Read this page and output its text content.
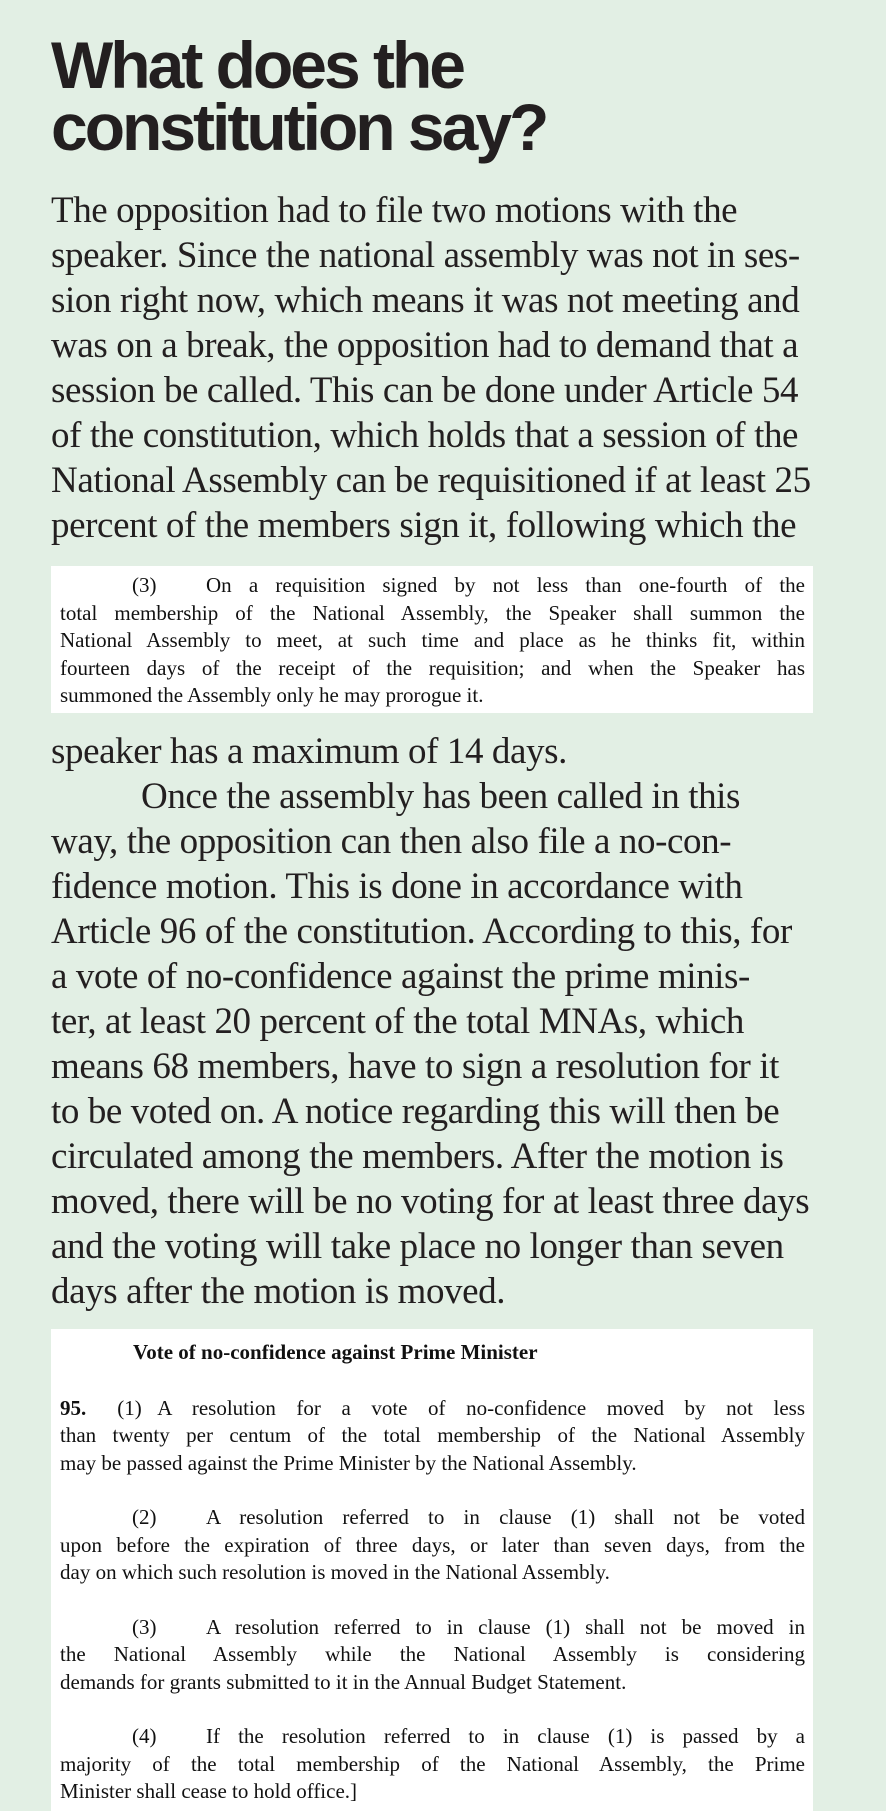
What does the
constitution say?
The opposition had to file two motions with the
speaker. Since the national assembly was not in ses-
sion right now, which means it was not meeting and
was on a break, the opposition had to demand that a
session be called. This can be done under Article 54
of the constitution, which holds that a session of the
National Assembly can be requisitioned if at least 25
percent of the members sign it, following which the
(3) On a requisition signed by not less than one-fourth of the
total membership of the National Assembly, the Speaker shall summon the
National Assembly to meet, at such time and place as he thinks fit, within
fourteen days of the receipt of the requisition; and when the Speaker has
summoned the Assembly only he may prorogue it.
speaker has a maximum of 14 days.
Once the assembly has been called in this
way, the opposition can then also file a no-con-
fidence motion. This is done in accordance with
Article 96 of the constitution. According to this, for
a vote of no-confidence against the prime minis-
ter, at least 20 percent of the total MNAs, which
means 68 members, have to sign a resolution for it
to be voted on. A notice regarding this will then be
circulated among the members. After the motion is
moved, there will be no voting for at least three days
and the voting will take place no longer than seven
days after the motion is moved.
Vote of no-confidence against Prime Minister
95. (1) A resolution for a vote of no-confidence moved by not less
than twenty per centum of the total membership of the National Assembly
may be passed against the Prime Minister by the National Assembly.
(2) A resolution referred to in clause (1) shall not be voted
upon before the expiration of three days, or later than seven days, from the
day on which such resolution is moved in the National Assembly.
(3) A resolution referred to in clause (1) shall not be moved in
the National Assembly while the National Assembly is considering
demands for grants submitted to it in the Annual Budget Statement.
(4) If the resolution referred to in clause (1) is passed by a
majority of the total membership of the National Assembly, the Prime
Minister shall cease to hold office.]
